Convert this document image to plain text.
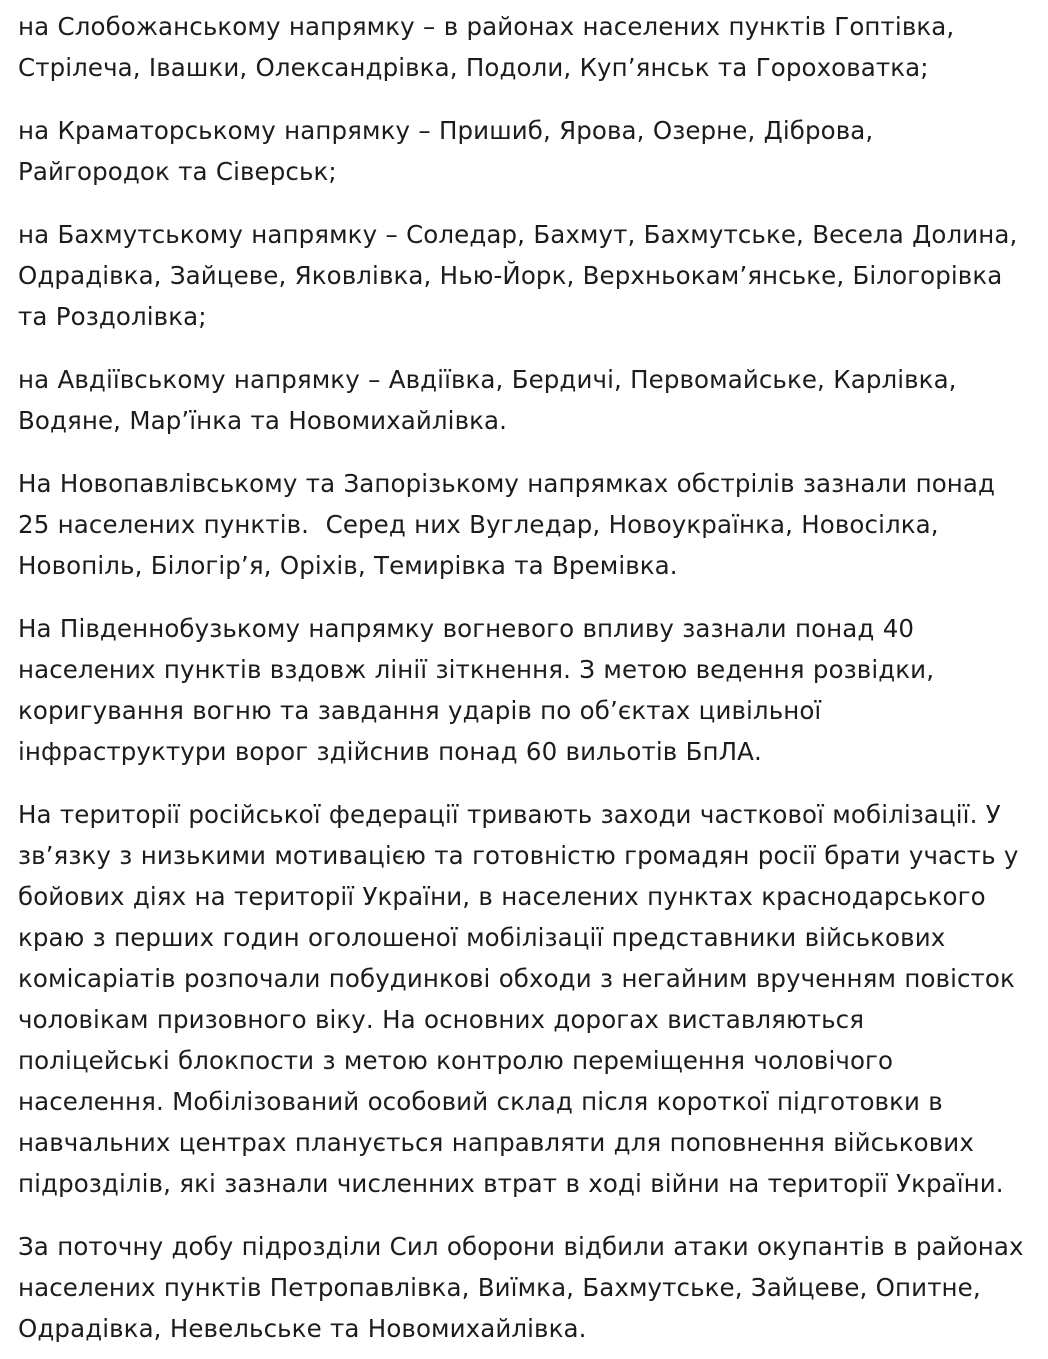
на Слобожанському напрямку – в районах населених пунктів Гоптівка, Стрілеча, Івашки, Олександрівка, Подоли, Куп’янськ та Гороховатка;

на Краматорському напрямку – Пришиб, Ярова, Озерне, Діброва, Райгородок та Сіверськ;

на Бахмутському напрямку – Соледар, Бахмут, Бахмутське, Весела Долина, Одрадівка, Зайцеве, Яковлівка, Нью-Йорк, Верхньокам’янське, Білогорівка та Роздолівка;

на Авдіївському напрямку – Авдіївка, Бердичі, Первомайське, Карлівка, Водяне, Мар’їнка та Новомихайлівка.

На Новопавлівському та Запорізькому напрямках обстрілів зазнали понад 25 населених пунктів.  Серед них Вугледар, Новоукраїнка, Новосілка, Новопіль, Білогір’я, Оріхів, Темирівка та Времівка.

На Південнобузькому напрямку вогневого впливу зазнали понад 40 населених пунктів вздовж лінії зіткнення. З метою ведення розвідки, коригування вогню та завдання ударів по об’єктах цивільної інфраструктури ворог здійснив понад 60 вильотів БпЛА.

На території російської федерації тривають заходи часткової мобілізації. У зв’язку з низькими мотивацією та готовністю громадян росії брати участь у бойових діях на території України, в населених пунктах краснодарського краю з перших годин оголошеної мобілізації представники військових комісаріатів розпочали побудинкові обходи з негайним врученням повісток чоловікам призовного віку. На основних дорогах виставляються поліцейські блокпости з метою контролю переміщення чоловічого населення. Мобілізований особовий склад після короткої підготовки в навчальних центрах планується направляти для поповнення військових підрозділів, які зазнали численних втрат в ході війни на території України.

За поточну добу підрозділи Сил оборони відбили атаки окупантів в районах населених пунктів Петропавлівка, Виїмка, Бахмутське, Зайцеве, Опитне, Одрадівка, Невельське та Новомихайлівка.
